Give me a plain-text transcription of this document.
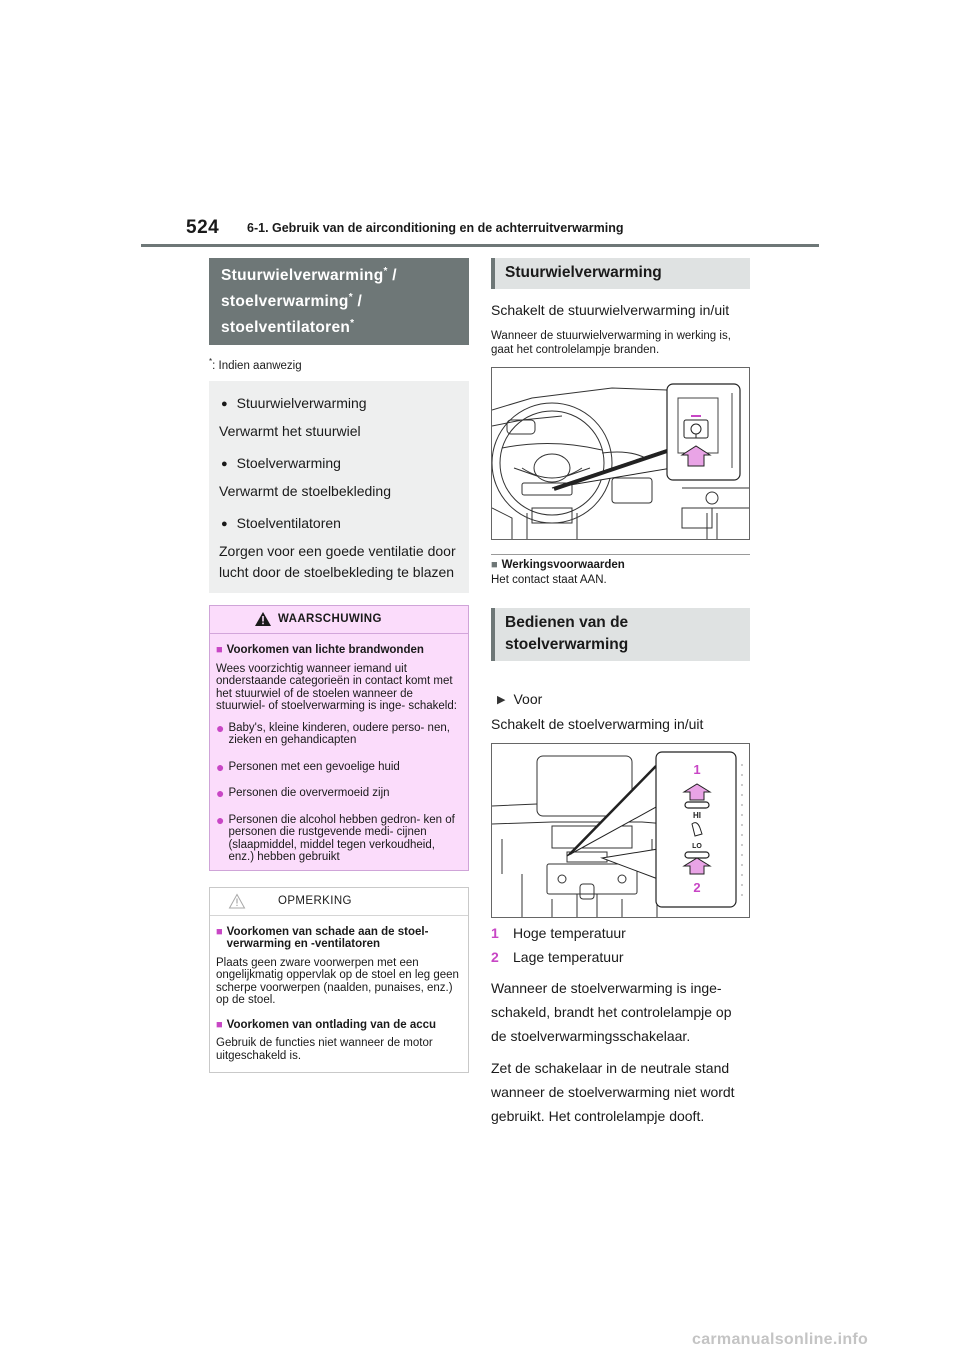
524 6-1. Gebruik van de airconditioning en de achterruitverwarming
Stuurwielverwarming* /
stoelverwarming* /
stoelventilatoren*
*: Indien aanwezig
● Stuurwielverwarming
Verwarmt het stuurwiel
● Stoelverwarming
Verwarmt de stoelbekleding
● Stoelventilatoren
Zorgen voor een goede ventilatie door lucht door de stoelbekleding te blazen
WAARSCHUWING
■ Voorkomen van lichte brandwonden
Wees voorzichtig wanneer iemand uit onderstaande categorieën in contact komt met het stuurwiel of de stoelen wanneer de stuurwiel- of stoelverwarming is inge- schakeld:
● Baby's, kleine kinderen, oudere perso- nen, zieken en gehandicapten
● Personen met een gevoelige huid
● Personen die oververmoeid zijn
● Personen die alcohol hebben gedron- ken of personen die rustgevende medi- cijnen (slaapmiddel, middel tegen verkoudheid, enz.) hebben gebruikt
OPMERKING
■ Voorkomen van schade aan de stoel- verwarming en -ventilatoren
Plaats geen zware voorwerpen met een ongelijkmatig oppervlak op de stoel en leg geen scherpe voorwerpen (naalden, punaises, enz.) op de stoel.
■ Voorkomen van ontlading van de accu
Gebruik de functies niet wanneer de motor uitgeschakeld is.
Stuurwielverwarming
Schakelt de stuurwielverwarming in/uit
Wanneer de stuurwielverwarming in werking is, gaat het controlelampje branden.
■ Werkingsvoorwaarden
Het contact staat AAN.
Bedienen van de stoelverwarming
▶ Voor
Schakelt de stoelverwarming in/uit
1
HI
LO
2
1	Hoge temperatuur
2	Lage temperatuur
Wanneer de stoelverwarming is inge- schakeld, brandt het controlelampje op de stoelverwarmingsschakelaar.
Zet de schakelaar in de neutrale stand wanneer de stoelverwarming niet wordt gebruikt. Het controlelampje dooft.
carmanualsonline.info
